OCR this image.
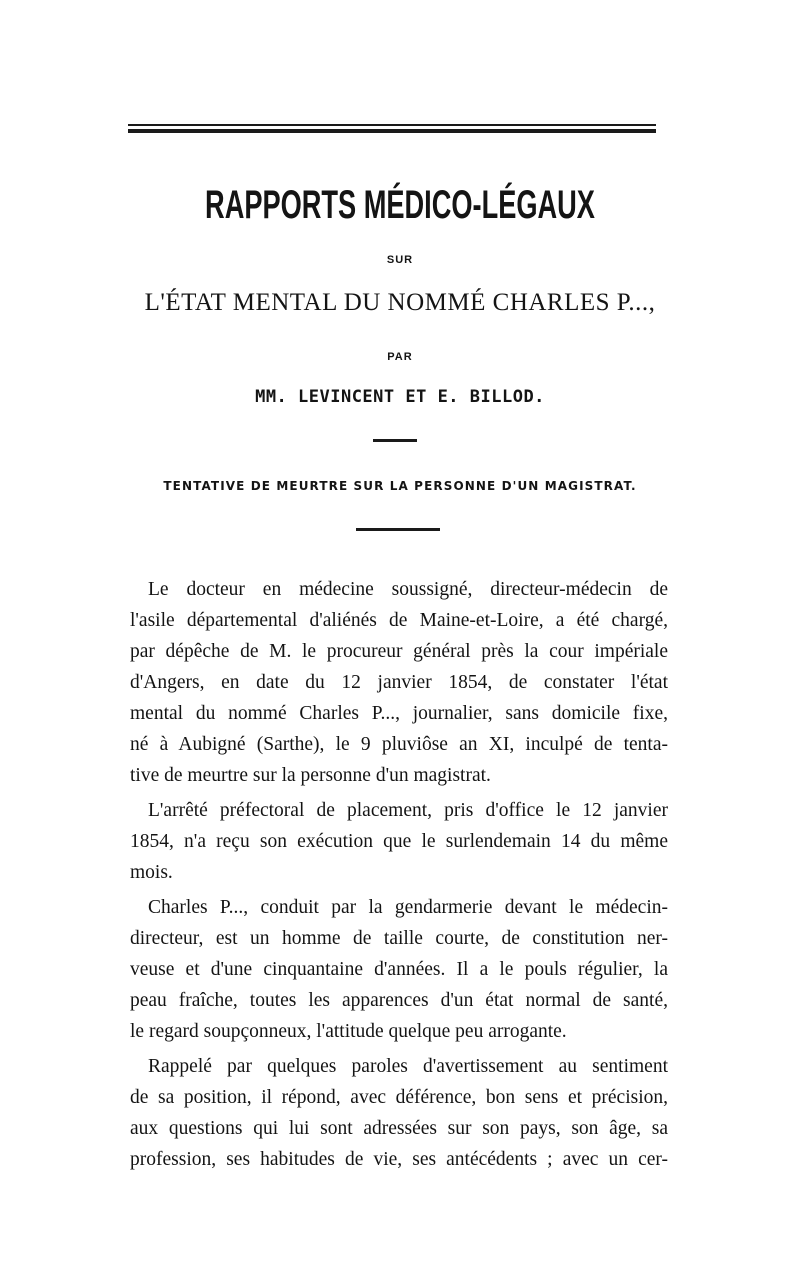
RAPPORTS MÉDICO-LÉGAUX
SUR
L'ÉTAT MENTAL DU NOMMÉ CHARLES P...,
PAR
MM. LEVINCENT ET E. BILLOD.
TENTATIVE DE MEURTRE SUR LA PERSONNE D'UN MAGISTRAT.
Le docteur en médecine soussigné, directeur-médecin de
l'asile départemental d'aliénés de Maine-et-Loire, a été chargé,
par dépêche de M. le procureur général près la cour impériale
d'Angers, en date du 12 janvier 1854, de constater l'état
mental du nommé Charles P..., journalier, sans domicile fixe,
né à Aubigné (Sarthe), le 9 pluviôse an XI, inculpé de tenta-
tive de meurtre sur la personne d'un magistrat.
L'arrêté préfectoral de placement, pris d'office le 12 janvier
1854, n'a reçu son exécution que le surlendemain 14 du même
mois.
Charles P..., conduit par la gendarmerie devant le médecin-
directeur, est un homme de taille courte, de constitution ner-
veuse et d'une cinquantaine d'années. Il a le pouls régulier, la
peau fraîche, toutes les apparences d'un état normal de santé,
le regard soupçonneux, l'attitude quelque peu arrogante.
Rappelé par quelques paroles d'avertissement au sentiment
de sa position, il répond, avec déférence, bon sens et précision,
aux questions qui lui sont adressées sur son pays, son âge, sa
profession, ses habitudes de vie, ses antécédents ; avec un cer-
